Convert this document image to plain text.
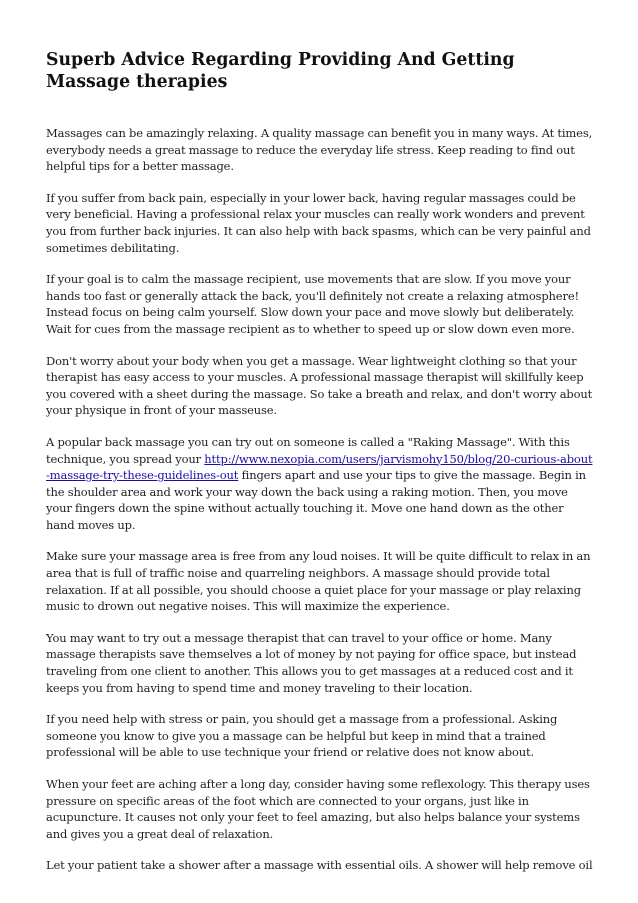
Superb Advice Regarding Providing And Getting Massage therapies

Massages can be amazingly relaxing. A quality massage can benefit you in many ways. At times, everybody needs a great massage to reduce the everyday life stress. Keep reading to find out helpful tips for a better massage.

If you suffer from back pain, especially in your lower back, having regular massages could be very beneficial. Having a professional relax your muscles can really work wonders and prevent you from further back injuries. It can also help with back spasms, which can be very painful and sometimes debilitating.

If your goal is to calm the massage recipient, use movements that are slow. If you move your hands too fast or generally attack the back, you'll definitely not create a relaxing atmosphere! Instead focus on being calm yourself. Slow down your pace and move slowly but deliberately. Wait for cues from the massage recipient as to whether to speed up or slow down even more.

Don't worry about your body when you get a massage. Wear lightweight clothing so that your therapist has easy access to your muscles. A professional massage therapist will skillfully keep you covered with a sheet during the massage. So take a breath and relax, and don't worry about your physique in front of your masseuse.

A popular back massage you can try out on someone is called a "Raking Massage". With this technique, you spread your http://www.nexopia.com/users/jarvismohy150/blog/20-curious-about-massage-try-these-guidelines-out fingers apart and use your tips to give the massage. Begin in the shoulder area and work your way down the back using a raking motion. Then, you move your fingers down the spine without actually touching it. Move one hand down as the other hand moves up.

Make sure your massage area is free from any loud noises. It will be quite difficult to relax in an area that is full of traffic noise and quarreling neighbors. A massage should provide total relaxation. If at all possible, you should choose a quiet place for your massage or play relaxing music to drown out negative noises. This will maximize the experience.

You may want to try out a message therapist that can travel to your office or home. Many massage therapists save themselves a lot of money by not paying for office space, but instead traveling from one client to another. This allows you to get massages at a reduced cost and it keeps you from having to spend time and money traveling to their location.

If you need help with stress or pain, you should get a massage from a professional. Asking someone you know to give you a massage can be helpful but keep in mind that a trained professional will be able to use technique your friend or relative does not know about.

When your feet are aching after a long day, consider having some reflexology. This therapy uses pressure on specific areas of the foot which are connected to your organs, just like in acupuncture. It causes not only your feet to feel amazing, but also helps balance your systems and gives you a great deal of relaxation.

Let your patient take a shower after a massage with essential oils. A shower will help remove oil
